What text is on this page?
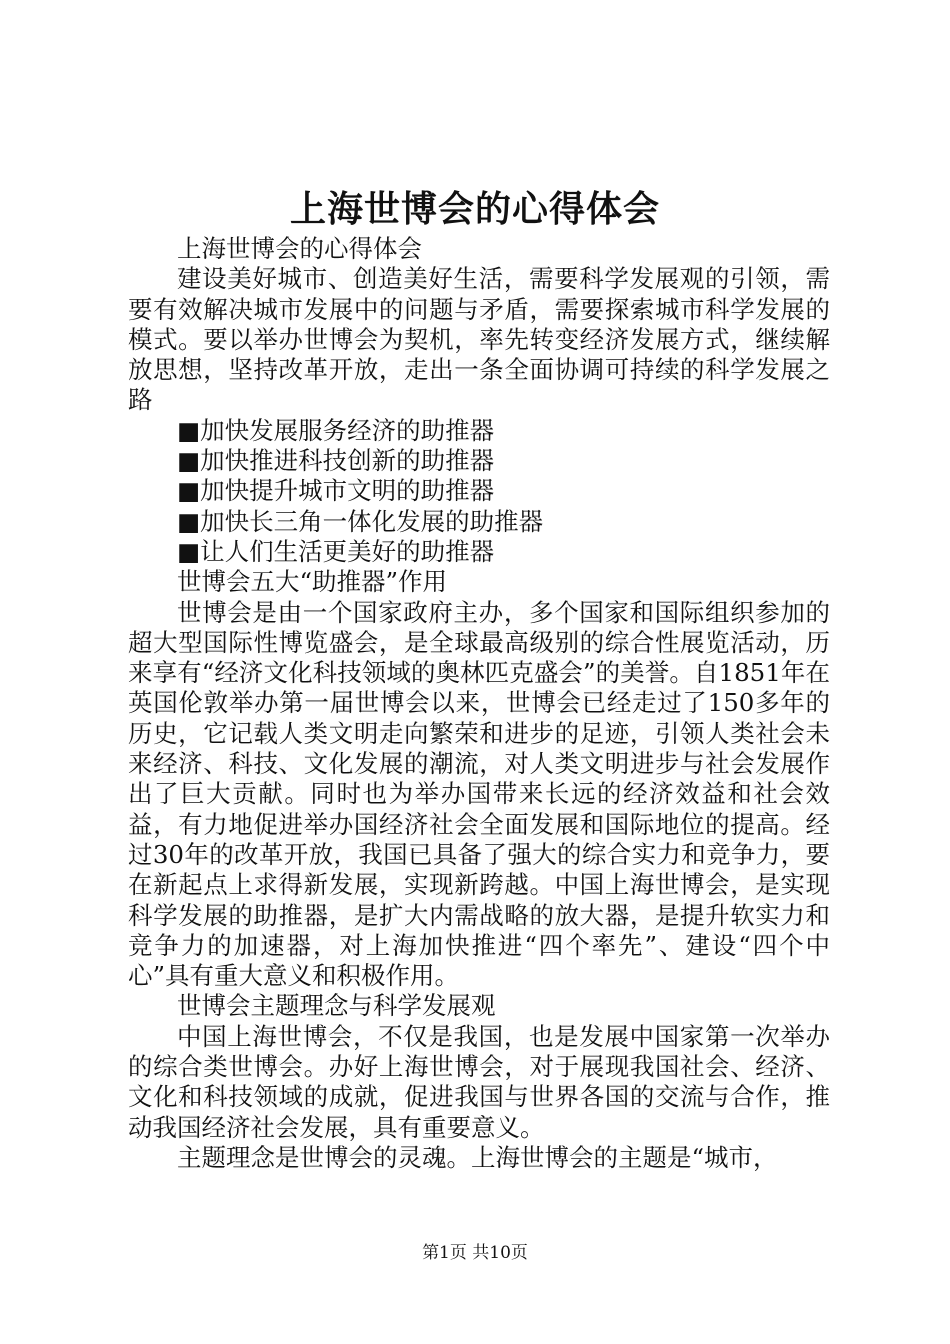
上海世博会的心得体会

上海世博会的心得体会

建设美好城市、创造美好生活，需要科学发展观的引领，需要有效解决城市发展中的问题与矛盾，需要探索城市科学发展的模式。要以举办世博会为契机，率先转变经济发展方式，继续解放思想，坚持改革开放，走出一条全面协调可持续的科学发展之路

■加快发展服务经济的助推器

■加快推进科技创新的助推器

■加快提升城市文明的助推器

■加快长三角一体化发展的助推器

■让人们生活更美好的助推器

世博会五大“助推器”作用

世博会是由一个国家政府主办，多个国家和国际组织参加的超大型国际性博览盛会，是全球最高级别的综合性展览活动，历来享有“经济文化科技领域的奥林匹克盛会”的美誉。自1851年在英国伦敦举办第一届世博会以来，世博会已经走过了150多年的历史，它记载人类文明走向繁荣和进步的足迹，引领人类社会未来经济、科技、文化发展的潮流，对人类文明进步与社会发展作出了巨大贡献。同时也为举办国带来长远的经济效益和社会效益，有力地促进举办国经济社会全面发展和国际地位的提高。经过30年的改革开放，我国已具备了强大的综合实力和竞争力，要在新起点上求得新发展，实现新跨越。中国上海世博会，是实现科学发展的助推器，是扩大内需战略的放大器，是提升软实力和竞争力的加速器，对上海加快推进“四个率先”、建设“四个中心”具有重大意义和积极作用。

世博会主题理念与科学发展观

中国上海世博会，不仅是我国，也是发展中国家第一次举办的综合类世博会。办好上海世博会，对于展现我国社会、经济、文化和科技领域的成就，促进我国与世界各国的交流与合作，推动我国经济社会发展，具有重要意义。

主题理念是世博会的灵魂。上海世博会的主题是“城市，

第1页 共10页
